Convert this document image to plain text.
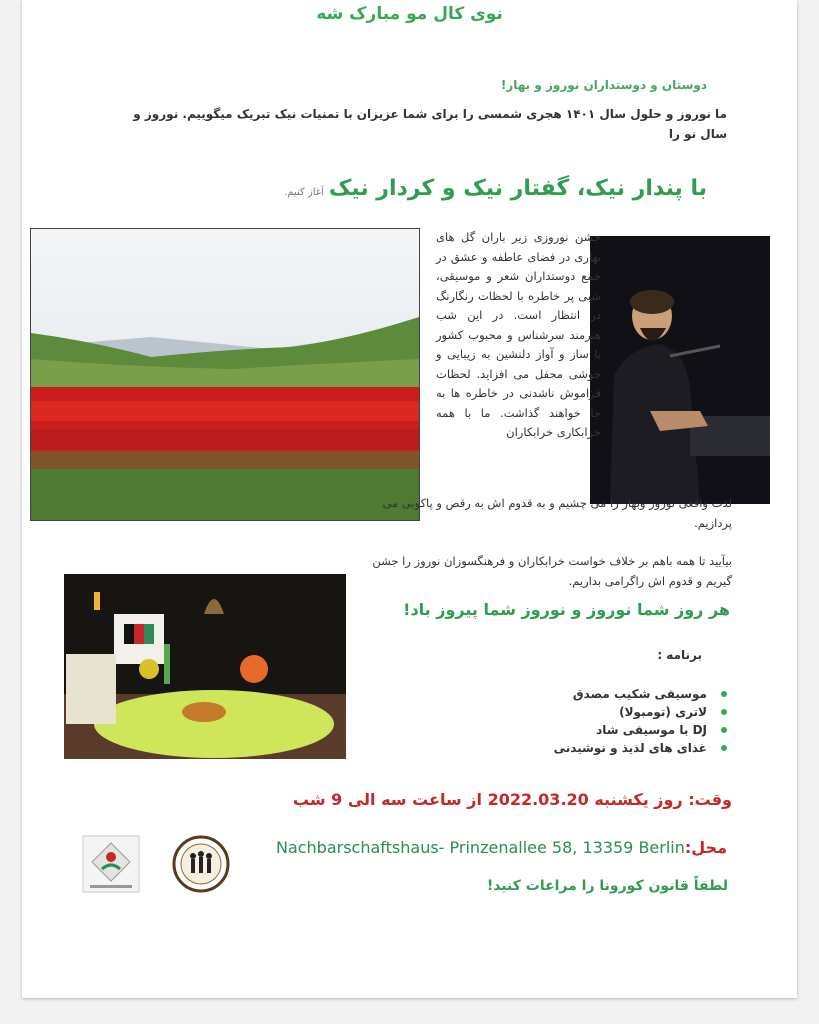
نوی کال مو مبارک شه
دوستان و دوستداران نوروز و بهار!
ما نوروز و حلول سال ۱۴۰۱ هجری شمسی را برای شما عزیزان با تمنیات نیک تبریک میگوییم. نوروز و سال نو را
با پندار نیک، گفتار نیک و کردار نیک آغاز کنیم.
جشن نوروزی زیر باران گل های بهاری در فضای عاطفه و عشق در جمع دوستداران شعر و موسیقی، شبی پر خاطره با لحظات رنگارنگ در انتظار است. در این شب هنرمند سرشناس و محبوب کشور با ساز و آواز دلنشین به زیبایی و خوشی محفل می افزاید. لحظات فراموش ناشدنی در خاطره ها به جا خواهند گذاشت. ما با همه خرابکاری خرابکاران
لذت واقعی نوروز وبهار را می چشیم و به قدوم اش به رقص و پاکوبی می پردازیم.
بیآیید تا همه باهم بر خلاف خواست خرابکاران و فرهنگسوزان نوروز را جشن گیریم و قدوم اش راگرامی بداریم.
هر روز شما نوروز و نوروز شما پیروز باد!
برنامه :
موسیقی شکیب مصدق
لاتری (تومبولا)
DJ با موسیقی شاد
غذای های لذیذ و نوشیدنی
وقت: روز یکشنبه 2022.03.20 از ساعت سه الی 9 شب
محل:Nachbarschaftshaus- Prinzenallee 58, 13359 Berlin
لطفاً قانون کورونا را مراعات کنید!
